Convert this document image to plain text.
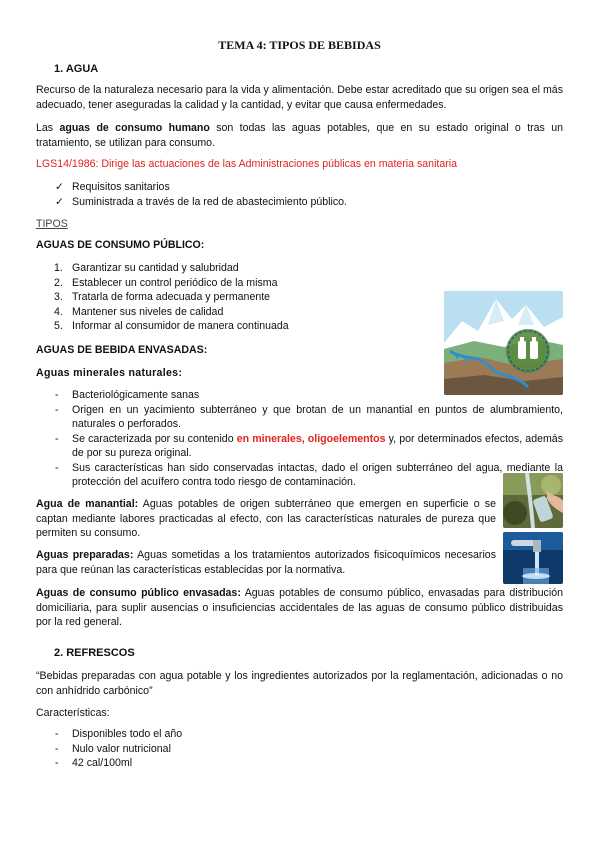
TEMA 4: TIPOS DE BEBIDAS
1. AGUA

Recurso de la naturaleza necesario para la vida y alimentación. Debe estar acreditado que su origen sea el más adecuado, tener aseguradas la calidad y la cantidad, y evitar que causa enfermedades.

Las aguas de consumo humano son todas las aguas potables, que en su estado original o tras un tratamiento, se utilizan para consumo.

LGS14/1986: Dirige las actuaciones de las Administraciones públicas en materia sanitaria

✓ Requisitos sanitarios
✓ Suministrada a través de la red de abastecimiento público.
TIPOS
AGUAS DE CONSUMO PÚBLICO:
1. Garantizar su cantidad y salubridad
2. Establecer un control periódico de la misma
3. Tratarla de forma adecuada y permanente
4. Mantener sus niveles de calidad
5. Informar al consumidor de manera continuada
AGUAS DE BEBIDA ENVASADAS:
Aguas minerales naturales:
- Bacteriológicamente sanas
- Origen en un yacimiento subterráneo y que brotan de un manantial en puntos de alumbramiento, naturales o perforados.
- Se caracterizada por su contenido en minerales, oligoelementos y, por determinados efectos, además de por su pureza original.
- Sus características han sido conservadas intactas, dado el origen subterráneo del agua, mediante la protección del acuífero contra todo riesgo de contaminación.

Agua de manantial: Aguas potables de origen subterráneo que emergen en superficie o se captan mediante labores practicadas al efecto, con las características naturales de pureza que permiten su consumo.

Aguas preparadas: Aguas sometidas a los tratamientos autorizados fisicoquímicos necesarios para que reúnan las características establecidas por la normativa.

Aguas de consumo público envasadas: Aguas potables de consumo público, envasadas para distribución domiciliaria, para suplir ausencias o insuficiencias accidentales de las aguas de consumo público distribuidas por la red general.

2. REFRESCOS

“Bebidas preparadas con agua potable y los ingredientes autorizados por la reglamentación, adicionadas o no con anhídrido carbónico”

Características:
- Disponibles todo el año
- Nulo valor nutricional
- 42 cal/100ml
